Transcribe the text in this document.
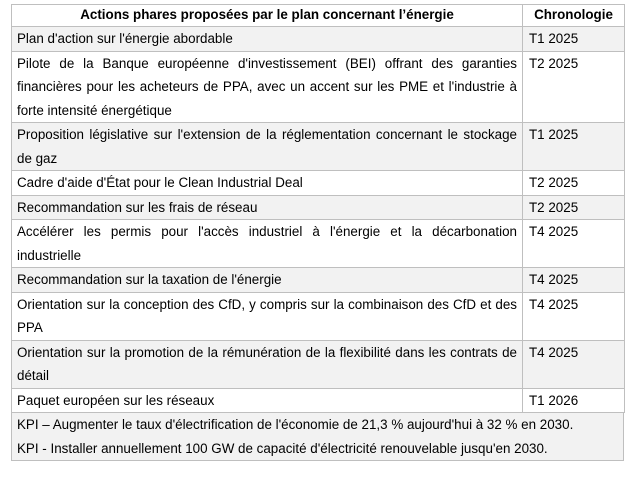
Actions phares proposées par le plan concernant l’énergie	Chronologie
Plan d'action sur l'énergie abordable	T1 2025
Pilote de la Banque européenne d'investissement (BEI) offrant des garanties financières pour les acheteurs de PPA, avec un accent sur les PME et l'industrie à forte intensité énergétique	T2 2025
Proposition législative sur l'extension de la réglementation concernant le stockage de gaz	T1 2025
Cadre d'aide d'État pour le Clean Industrial Deal	T2 2025
Recommandation sur les frais de réseau	T2 2025
Accélérer les permis pour l'accès industriel à l'énergie et la décarbonation industrielle	T4 2025
Recommandation sur la taxation de l'énergie	T4 2025
Orientation sur la conception des CfD, y compris sur la combinaison des CfD et des PPA	T4 2025
Orientation sur la promotion de la rémunération de la flexibilité dans les contrats de détail	T4 2025
Paquet européen sur les réseaux	T1 2026
KPI – Augmenter le taux d'électrification de l'économie de 21,3 % aujourd'hui à 32 % en 2030.
KPI - Installer annuellement 100 GW de capacité d'électricité renouvelable jusqu'en 2030.
